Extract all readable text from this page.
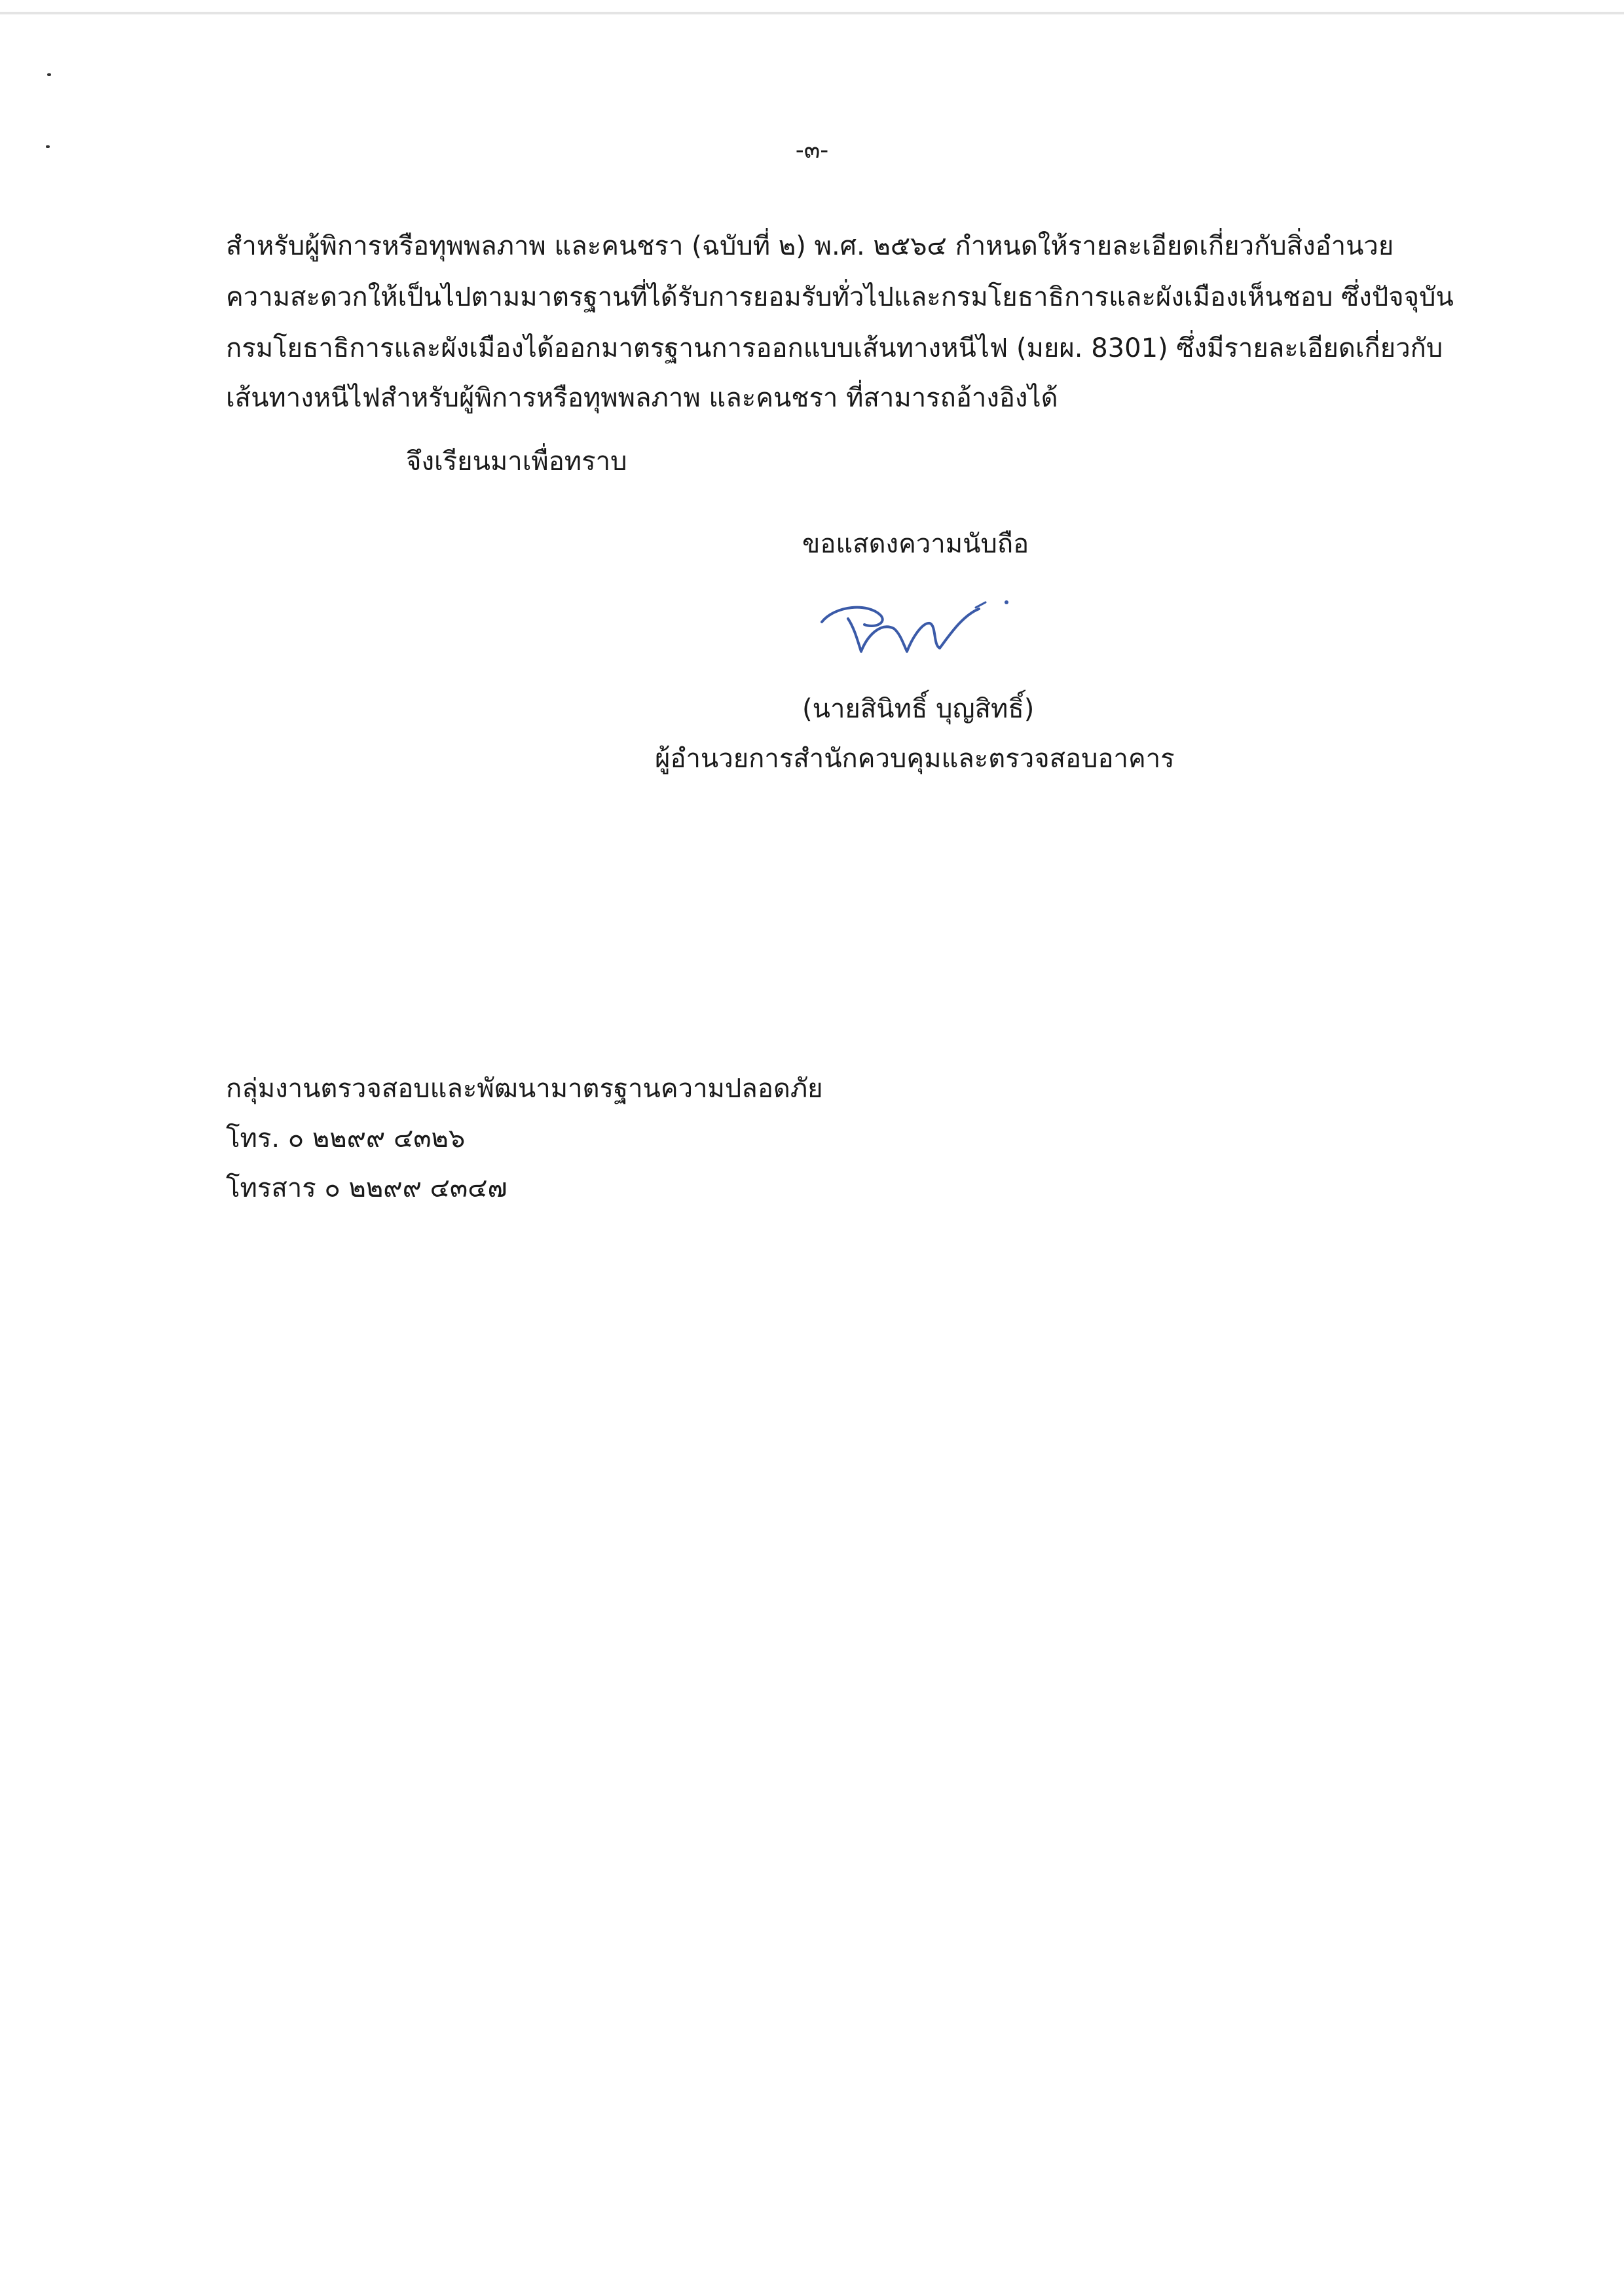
-๓-
สำหรับผู้พิการหรือทุพพลภาพ และคนชรา (ฉบับที่ ๒) พ.ศ. ๒๕๖๔ กำหนดให้รายละเอียดเกี่ยวกับสิ่งอำนวย
ความสะดวกให้เป็นไปตามมาตรฐานที่ได้รับการยอมรับทั่วไปและกรมโยธาธิการและผังเมืองเห็นชอบ ซึ่งปัจจุบัน
กรมโยธาธิการและผังเมืองได้ออกมาตรฐานการออกแบบเส้นทางหนีไฟ (มยผ. 8301) ซึ่งมีรายละเอียดเกี่ยวกับ
เส้นทางหนีไฟสำหรับผู้พิการหรือทุพพลภาพ และคนชรา ที่สามารถอ้างอิงได้
จึงเรียนมาเพื่อทราบ
ขอแสดงความนับถือ
(นายสินิทธิ์ บุญสิทธิ์)
ผู้อำนวยการสำนักควบคุมและตรวจสอบอาคาร
กลุ่มงานตรวจสอบและพัฒนามาตรฐานความปลอดภัย
โทร. ๐ ๒๒๙๙ ๔๓๒๖
โทรสาร ๐ ๒๒๙๙ ๔๓๔๗
